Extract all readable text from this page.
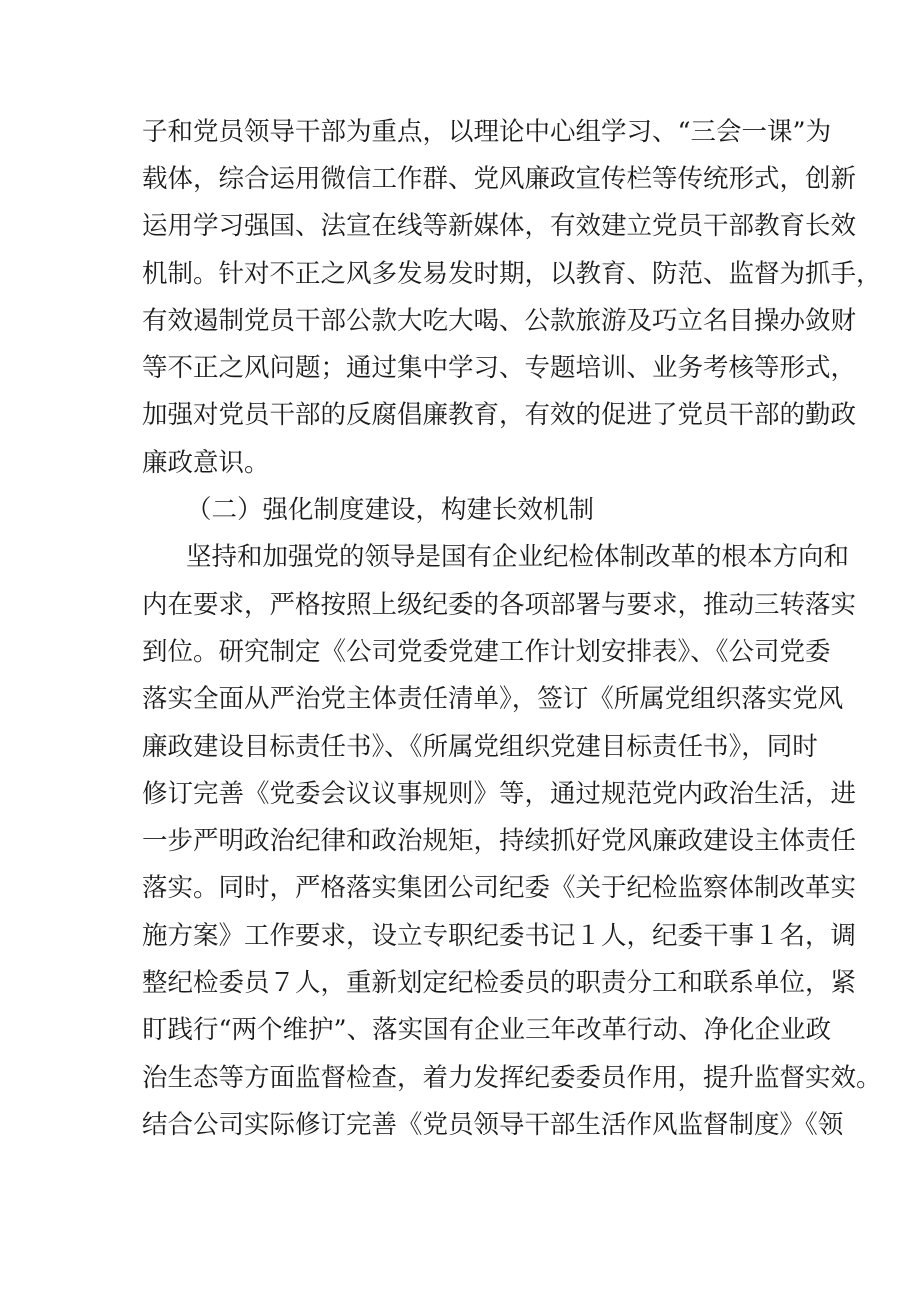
子和党员领导干部为重点，以理论中心组学习、“三会一课”为

载体，综合运用微信工作群、党风廉政宣传栏等传统形式，创新

运用学习强国、法宣在线等新媒体，有效建立党员干部教育长效

机制。针对不正之风多发易发时期，以教育、防范、监督为抓手，

有效遏制党员干部公款大吃大喝、公款旅游及巧立名目操办敛财

等不正之风问题；通过集中学习、专题培训、业务考核等形式，

加强对党员干部的反腐倡廉教育，有效的促进了党员干部的勤政

廉政意识。

（二）强化制度建设，构建长效机制

坚持和加强党的领导是国有企业纪检体制改革的根本方向和

内在要求，严格按照上级纪委的各项部署与要求，推动三转落实

到位。研究制定《公司党委党建工作计划安排表》、《公司党委

落实全面从严治党主体责任清单》，签订《所属党组织落实党风

廉政建设目标责任书》、《所属党组织党建目标责任书》，同时

修订完善《党委会议议事规则》等，通过规范党内政治生活，进

一步严明政治纪律和政治规矩，持续抓好党风廉政建设主体责任

落实。同时，严格落实集团公司纪委《关于纪检监察体制改革实

施方案》工作要求，设立专职纪委书记１人，纪委干事１名，调

整纪检委员７人，重新划定纪检委员的职责分工和联系单位，紧

盯践行“两个维护”、落实国有企业三年改革行动、净化企业政

治生态等方面监督检查，着力发挥纪委委员作用，提升监督实效。

结合公司实际修订完善《党员领导干部生活作风监督制度》《领
